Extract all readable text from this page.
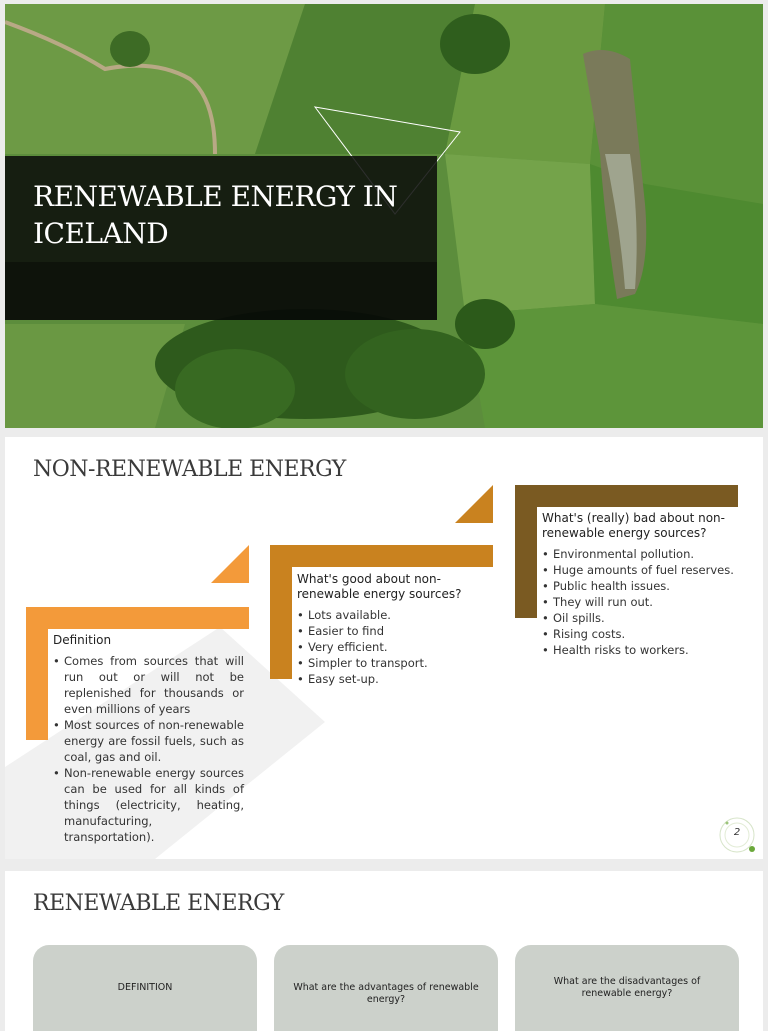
RENEWABLE ENERGY IN ICELAND
NON-RENEWABLE ENERGY
Definition
• Comes from sources that will run out or will not be replenished for thousands or even millions of years
• Most sources of non-renewable energy are fossil fuels, such as coal, gas and oil.
• Non-renewable energy sources can be used for all kinds of things (electricity, heating, manufacturing, transportation).
What's good about non-renewable energy sources?
• Lots available.
• Easier to find
• Very efficient.
• Simpler to transport.
• Easy set-up.
What's (really) bad about non-renewable energy sources?
• Environmental pollution.
• Huge amounts of fuel reserves.
• Public health issues.
• They will run out.
• Oil spills.
• Rising costs.
• Health risks to workers.
2
RENEWABLE ENERGY
DEFINITION	What are the advantages of renewable energy?
What are the disadvantages of renewable energy?
